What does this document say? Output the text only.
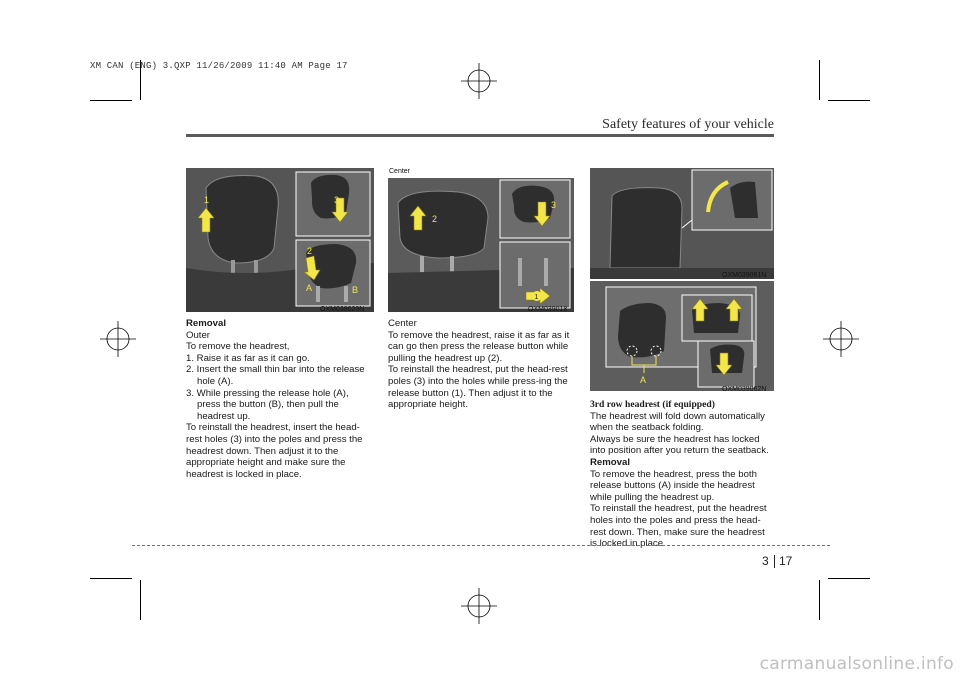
XM CAN (ENG) 3.QXP 11/26/2009 11:40 AM Page 17
Safety features of your vehicle
1
2
3
A	B
OXM039020N
Center
2
3
1
OXM039018
OXM039061N
A
OXM039062N

Removal

Outer

To remove the headrest,

1. Raise it as far as it can go.

2. Insert the small thin bar into the release hole (A).

3. While pressing the release hole (A), press the button (B), then pull the headrest up.

To reinstall the headrest, insert the head-rest holes (3) into the poles and press the headrest down. Then adjust it to the appropriate height and make sure the headrest is locked in place.

Center

To remove the headrest, raise it as far as it can go then press the release button while pulling the headrest up (2).

To reinstall the headrest, put the head-rest poles (3) into the holes while press-ing the release button (1). Then adjust it to the appropriate height.	3rd row headrest (if equipped)

The headrest will fold down automatically when the seatback folding.

Always be sure the headrest has locked into position after you return the seatback.

Removal

To remove the headrest, press the both release buttons (A) inside the headrest while pulling the headrest up.

To reinstall the headrest, put the headrest holes into the poles and press the head-rest down. Then, make sure the headrest is locked in place.

3 17
carmanualsonline.info
